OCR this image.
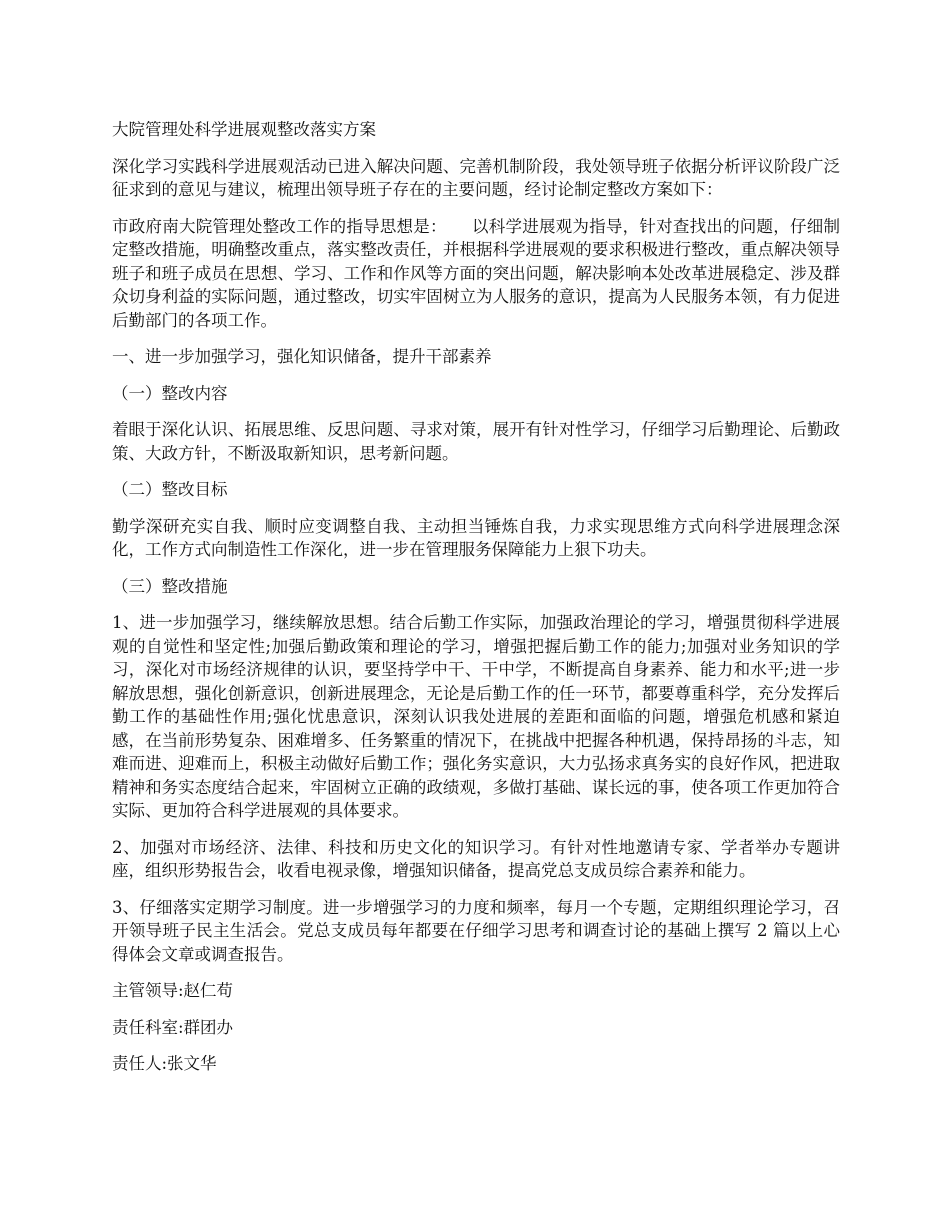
大院管理处科学进展观整改落实方案
深化学习实践科学进展观活动已进入解决问题、完善机制阶段，我处领导班子依据分析评议阶段广泛征求到的意见与建议，梳理出领导班子存在的主要问题，经讨论制定整改方案如下：
市政府南大院管理处整改工作的指导思想是：　　以科学进展观为指导，针对查找出的问题，仔细制定整改措施，明确整改重点，落实整改责任，并根据科学进展观的要求积极进行整改，重点解决领导班子和班子成员在思想、学习、工作和作风等方面的突出问题，解决影响本处改革进展稳定、涉及群众切身利益的实际问题，通过整改，切实牢固树立为人服务的意识，提高为人民服务本领，有力促进后勤部门的各项工作。
一、进一步加强学习，强化知识储备，提升干部素养
（一）整改内容
着眼于深化认识、拓展思维、反思问题、寻求对策，展开有针对性学习，仔细学习后勤理论、后勤政策、大政方针，不断汲取新知识，思考新问题。
（二）整改目标
勤学深研充实自我、顺时应变调整自我、主动担当锤炼自我，力求实现思维方式向科学进展理念深化，工作方式向制造性工作深化，进一步在管理服务保障能力上狠下功夫。
（三）整改措施
1、进一步加强学习，继续解放思想。结合后勤工作实际，加强政治理论的学习，增强贯彻科学进展观的自觉性和坚定性;加强后勤政策和理论的学习，增强把握后勤工作的能力;加强对业务知识的学习，深化对市场经济规律的认识，要坚持学中干、干中学，不断提高自身素养、能力和水平;进一步解放思想，强化创新意识，创新进展理念，无论是后勤工作的任一环节，都要尊重科学，充分发挥后勤工作的基础性作用;强化忧患意识，深刻认识我处进展的差距和面临的问题，增强危机感和紧迫感，在当前形势复杂、困难增多、任务繁重的情况下，在挑战中把握各种机遇，保持昂扬的斗志，知难而进、迎难而上，积极主动做好后勤工作；强化务实意识，大力弘扬求真务实的良好作风，把进取精神和务实态度结合起来，牢固树立正确的政绩观，多做打基础、谋长远的事，使各项工作更加符合实际、更加符合科学进展观的具体要求。
2、加强对市场经济、法律、科技和历史文化的知识学习。有针对性地邀请专家、学者举办专题讲座，组织形势报告会，收看电视录像，增强知识储备，提高党总支成员综合素养和能力。
3、仔细落实定期学习制度。进一步增强学习的力度和频率，每月一个专题，定期组织理论学习，召开领导班子民主生活会。党总支成员每年都要在仔细学习思考和调查讨论的基础上撰写 2 篇以上心得体会文章或调查报告。
主管领导:赵仁苟
责任科室:群团办
责任人:张文华
